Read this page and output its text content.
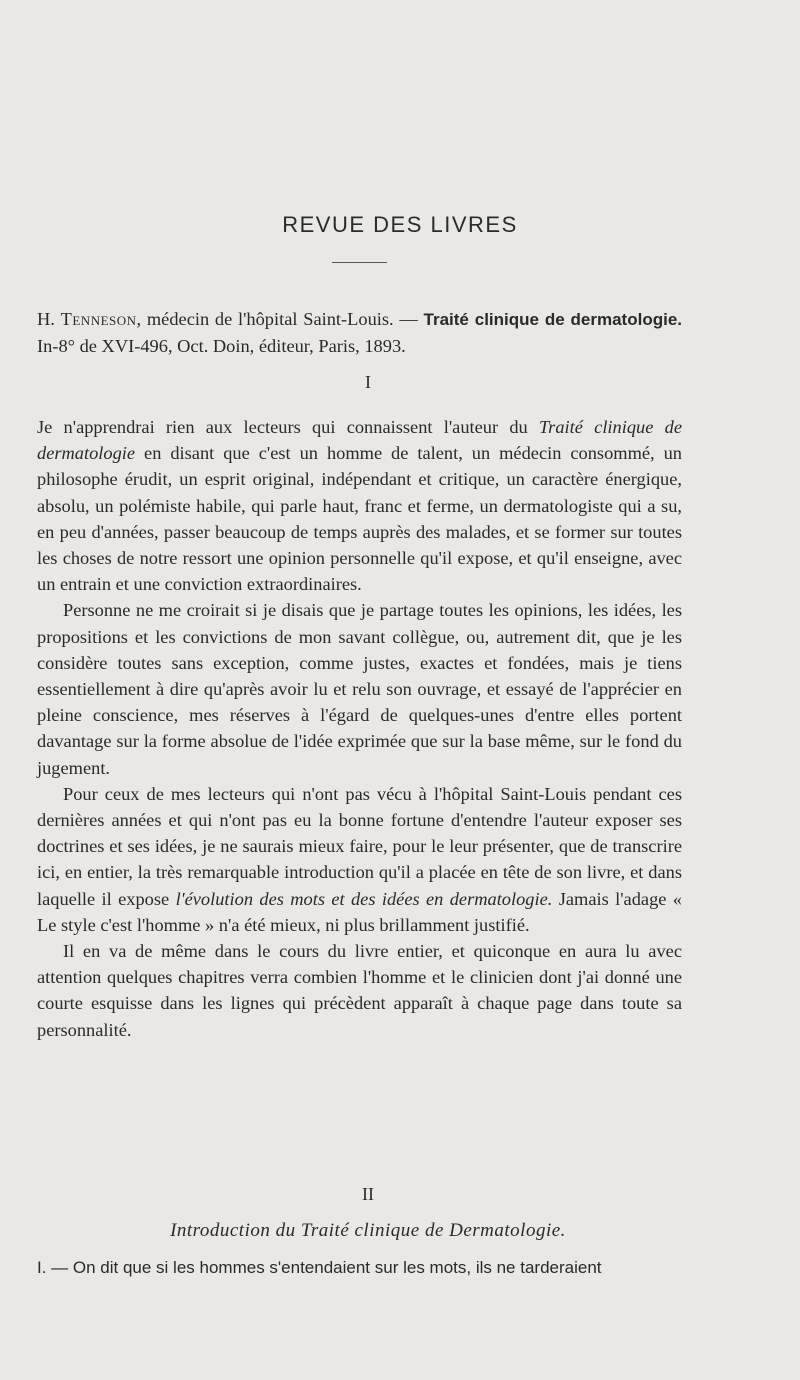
REVUE DES LIVRES
H. Tenneson, médecin de l'hôpital Saint-Louis. — Traité clinique de dermatologie. In-8° de XVI-496, Oct. Doin, éditeur, Paris, 1893.
I

Je n'apprendrai rien aux lecteurs qui connaissent l'auteur du Traité clinique de dermatologie en disant que c'est un homme de talent, un médecin consommé, un philosophe érudit, un esprit original, indépendant et critique, un caractère énergique, absolu, un polémiste habile, qui parle haut, franc et ferme, un dermatologiste qui a su, en peu d'années, passer beaucoup de temps auprès des malades, et se former sur toutes les choses de notre ressort une opinion personnelle qu'il expose, et qu'il enseigne, avec un entrain et une conviction extraordinaires.

Personne ne me croirait si je disais que je partage toutes les opinions, les idées, les propositions et les convictions de mon savant collègue, ou, autrement dit, que je les considère toutes sans exception, comme justes, exactes et fondées, mais je tiens essentiellement à dire qu'après avoir lu et relu son ouvrage, et essayé de l'apprécier en pleine conscience, mes réserves à l'égard de quelques-unes d'entre elles portent davantage sur la forme absolue de l'idée exprimée que sur la base même, sur le fond du jugement.

Pour ceux de mes lecteurs qui n'ont pas vécu à l'hôpital Saint-Louis pendant ces dernières années et qui n'ont pas eu la bonne fortune d'entendre l'auteur exposer ses doctrines et ses idées, je ne saurais mieux faire, pour le leur présenter, que de transcrire ici, en entier, la très remarquable introduction qu'il a placée en tête de son livre, et dans laquelle il expose l'évolution des mots et des idées en dermatologie. Jamais l'adage « Le style c'est l'homme » n'a été mieux, ni plus brillamment justifié.

Il en va de même dans le cours du livre entier, et quiconque en aura lu avec attention quelques chapitres verra combien l'homme et le clinicien dont j'ai donné une courte esquisse dans les lignes qui précèdent apparaît à chaque page dans toute sa personnalité.

II
Introduction du Traité clinique de Dermatologie.
I. — On dit que si les hommes s'entendaient sur les mots, ils ne tarderaient
